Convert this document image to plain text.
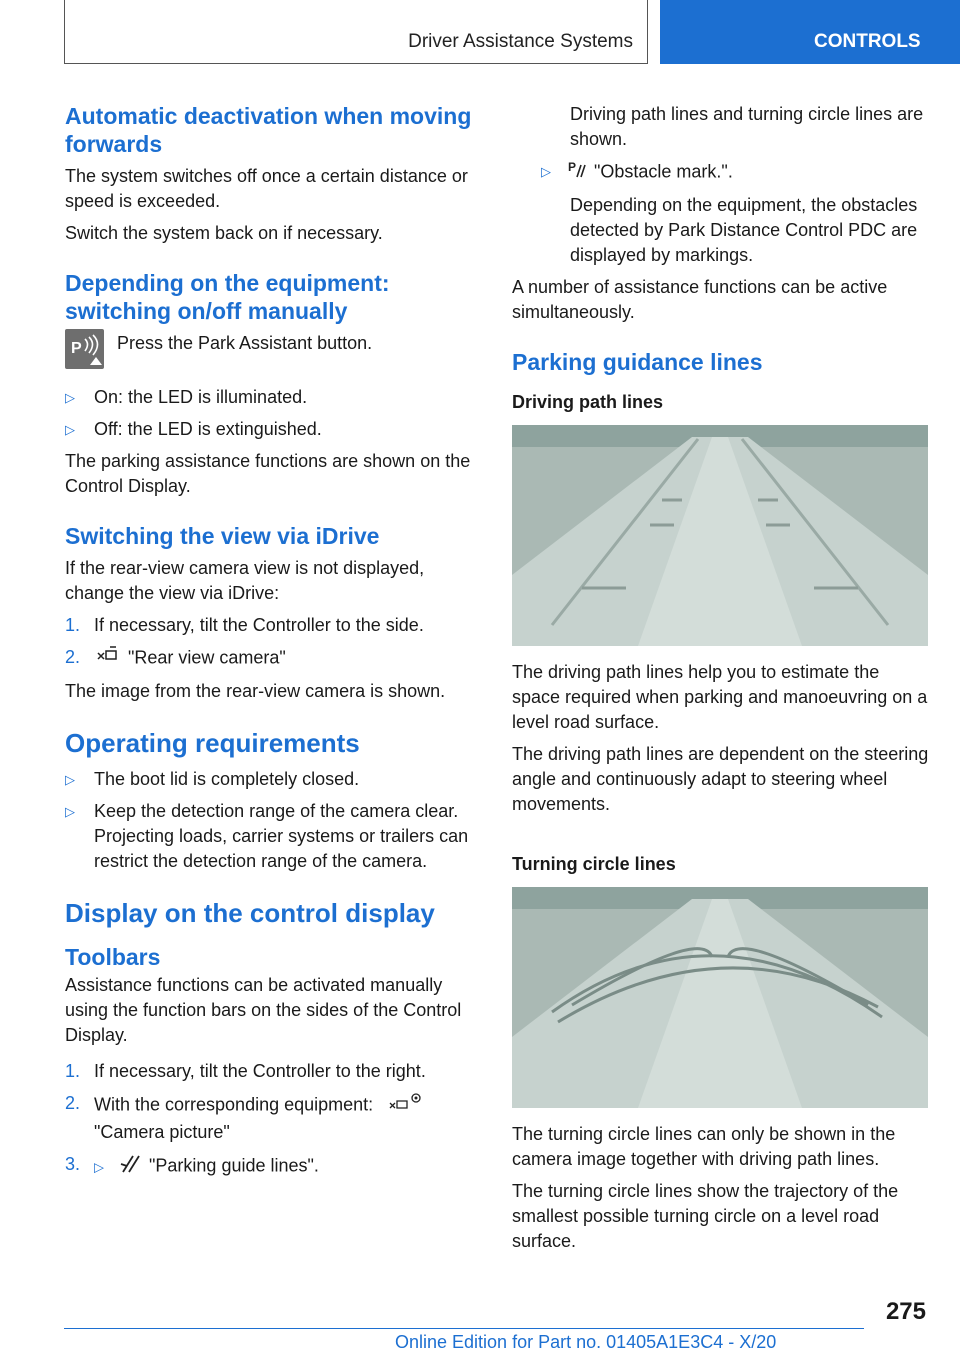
Driver Assistance Systems	CONTROLS
Automatic deactivation when moving forwards

The system switches off once a certain distance or speed is exceeded.

Switch the system back on if necessary.

Depending on the equipment: switching on/off manually
P Press the Park Assistant button.
▷ On: the LED is illuminated.
▷ Off: the LED is extinguished.

The parking assistance functions are shown on the Control Display.

Switching the view via iDrive

If the rear-view camera view is not displayed, change the view via iDrive:

1. If necessary, tilt the Controller to the side.
2.	"Rear view camera"

The image from the rear-view camera is shown.

Operating requirements
▷ The boot lid is completely closed.
▷ Keep the detection range of the camera clear. Projecting loads, carrier systems or trailers can restrict the detection range of the camera.
Display on the control display
Toolbars

Assistance functions can be activated manually using the function bars on the sides of the Control Display.

1. If necessary, tilt the Controller to the right.
2. With the corresponding equipment:
"Camera picture"
3. ▷	"Parking guide lines".
Driving path lines and turning circle lines are shown.
▷ P "Obstacle mark.".
Depending on the equipment, the obstacles detected by Park Distance Control PDC are displayed by markings.

A number of assistance functions can be active simultaneously.

Parking guidance lines
Driving path lines

The driving path lines help you to estimate the space required when parking and manoeuvring on a level road surface.

The driving path lines are dependent on the steering angle and continuously adapt to steering wheel movements.

Turning circle lines

The turning circle lines can only be shown in the camera image together with driving path lines.

The turning circle lines show the trajectory of the smallest possible turning circle on a level road surface.

275
Online Edition for Part no. 01405A1E3C4 - X/20
